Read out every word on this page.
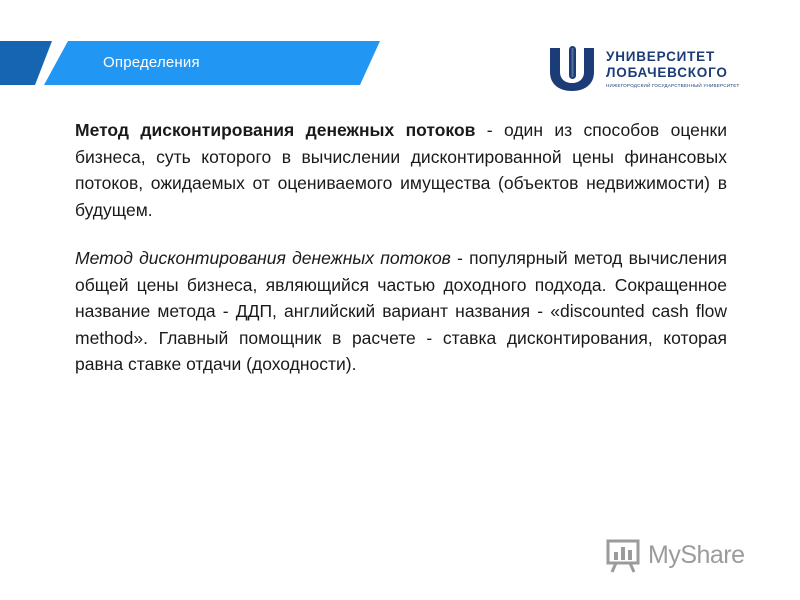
Определения	УНИВЕРСИТЕТ
ЛОБАЧЕВСКОГО
НИЖЕГОРОДСКИЙ ГОСУДАРСТВЕННЫЙ УНИВЕРСИТЕТ

Метод дисконтирования денежных потоков - один из способов оценки бизнеса, суть которого в вычислении дисконтированной цены финансовых потоков, ожидаемых от оцениваемого имущества (объектов недвижимости) в будущем.

Метод дисконтирования денежных потоков - популярный метод вычисления общей цены бизнеса, являющийся частью доходного подхода. Сокращенное название метода - ДДП, английский вариант названия - «discounted cash flow method». Главный помощник в расчете - ставка дисконтирования, которая равна ставке отдачи (доходности).

MyShare
